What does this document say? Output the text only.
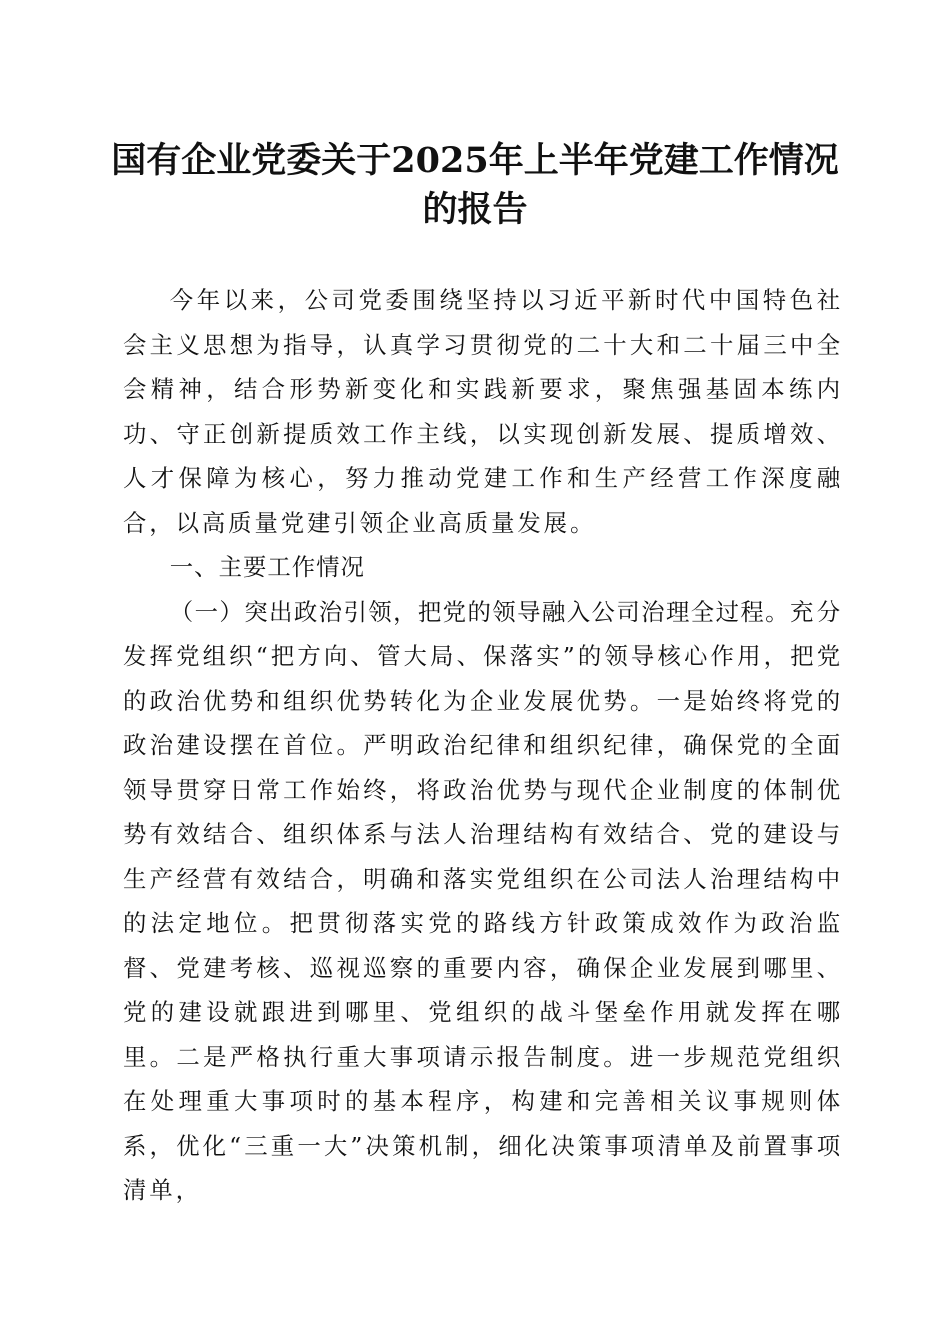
国有企业党委关于2025年上半年党建工作情况的报告

今年以来，公司党委围绕坚持以习近平新时代中国特色社会主义思想为指导，认真学习贯彻党的二十大和二十届三中全会精神，结合形势新变化和实践新要求，聚焦强基固本练内功、守正创新提质效工作主线，以实现创新发展、提质增效、人才保障为核心，努力推动党建工作和生产经营工作深度融合，以高质量党建引领企业高质量发展。

一、主要工作情况

（一）突出政治引领，把党的领导融入公司治理全过程。充分发挥党组织“把方向、管大局、保落实”的领导核心作用，把党的政治优势和组织优势转化为企业发展优势。一是始终将党的政治建设摆在首位。严明政治纪律和组织纪律，确保党的全面领导贯穿日常工作始终，将政治优势与现代企业制度的体制优势有效结合、组织体系与法人治理结构有效结合、党的建设与生产经营有效结合，明确和落实党组织在公司法人治理结构中的法定地位。把贯彻落实党的路线方针政策成效作为政治监督、党建考核、巡视巡察的重要内容，确保企业发展到哪里、党的建设就跟进到哪里、党组织的战斗堡垒作用就发挥在哪里。二是严格执行重大事项请示报告制度。进一步规范党组织在处理重大事项时的基本程序，构建和完善相关议事规则体系，优化“三重一大”决策机制，细化决策事项清单及前置事项清单，
